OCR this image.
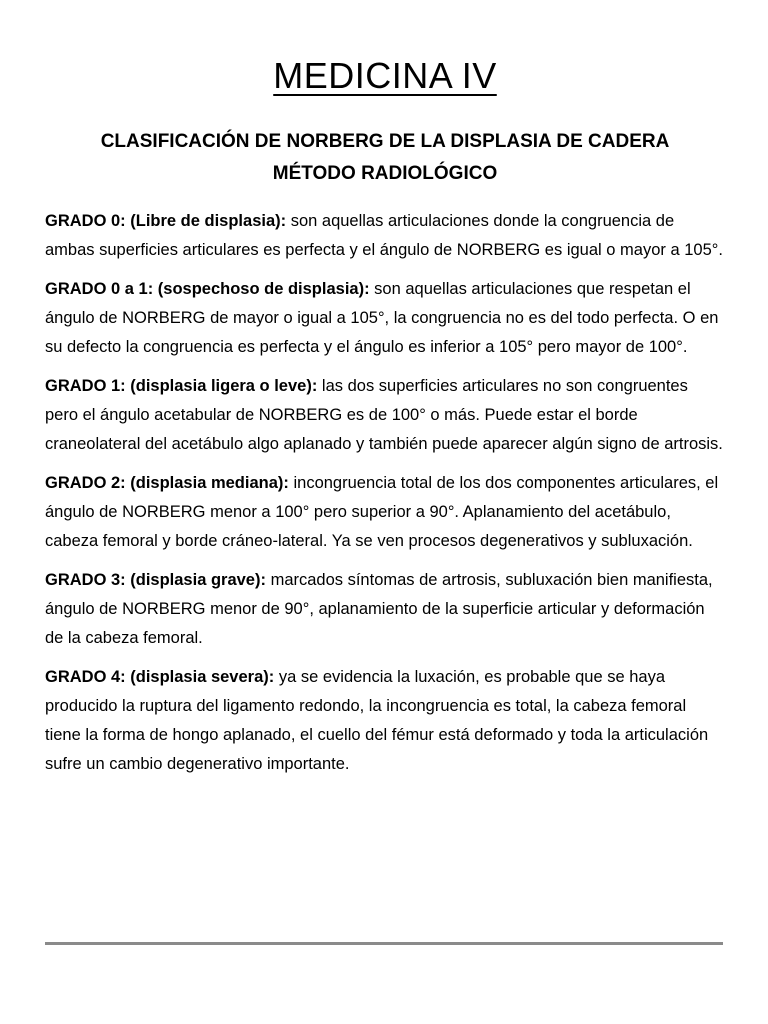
MEDICINA IV
CLASIFICACIÓN DE NORBERG DE LA DISPLASIA DE CADERA
MÉTODO RADIOLÓGICO

GRADO 0: (Libre de displasia): son aquellas articulaciones donde la congruencia de ambas superficies articulares es perfecta y el ángulo de NORBERG es igual o mayor a 105°.

GRADO 0 a 1: (sospechoso de displasia): son aquellas articulaciones que respetan el ángulo de NORBERG de mayor o igual a 105°, la congruencia no es del todo perfecta. O en su defecto la congruencia es perfecta y el ángulo es inferior a 105° pero mayor de 100°.

GRADO 1: (displasia ligera o leve): las dos superficies articulares no son congruentes pero el ángulo acetabular de NORBERG es de 100° o más. Puede estar el borde craneolateral del acetábulo algo aplanado y también puede aparecer algún signo de artrosis.

GRADO 2: (displasia mediana): incongruencia total de los dos componentes articulares, el ángulo de NORBERG menor a 100° pero superior a 90°. Aplanamiento del acetábulo, cabeza femoral y borde cráneo-lateral. Ya se ven procesos degenerativos y subluxación.

GRADO 3: (displasia grave): marcados síntomas de artrosis, subluxación bien manifiesta, ángulo de NORBERG menor de 90°, aplanamiento de la superficie articular y deformación de la cabeza femoral.

GRADO 4: (displasia severa): ya se evidencia la luxación, es probable que se haya producido la ruptura del ligamento redondo, la incongruencia es total, la cabeza femoral tiene la forma de hongo aplanado, el cuello del fémur está deformado y toda la articulación sufre un cambio degenerativo importante.
